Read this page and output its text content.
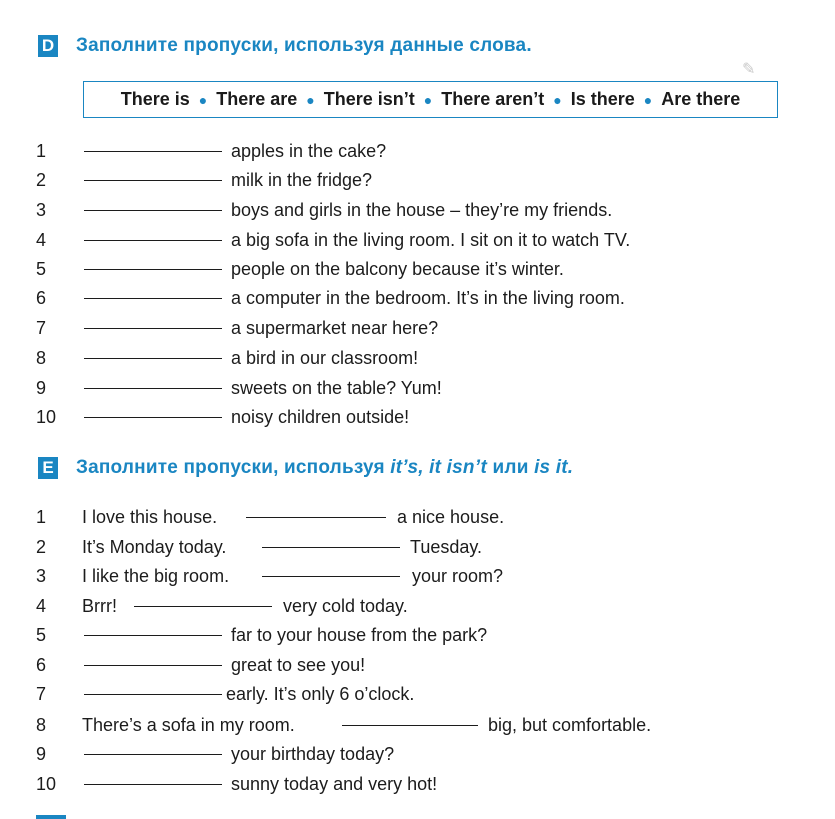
D Заполните пропуски, используя данные слова.
✎
There is ● There are ● There isn’t ● There aren’t ● Is there ● Are there
1	apples in the cake?
2	milk in the fridge?
3	boys and girls in the house – they’re my friends.
4	a big sofa in the living room. I sit on it to watch TV.
5	people on the balcony because it’s winter.
6	a computer in the bedroom. It’s in the living room.
7	a supermarket near here?
8	a bird in our classroom!
9	sweets on the table? Yum!
10	noisy children outside!
E Заполните пропуски, используя it’s, it isn’t или is it.
1	I love this house.	a nice house.
2	It’s Monday today.	Tuesday.
3	I like the big room.	your room?
4	Brrr!	very cold today.
5	far to your house from the park?
6	great to see you!
7	early. It’s only 6 o’clock.
8	There’s a sofa in my room.	big, but comfortable.
9	your birthday today?
10	sunny today and very hot!
